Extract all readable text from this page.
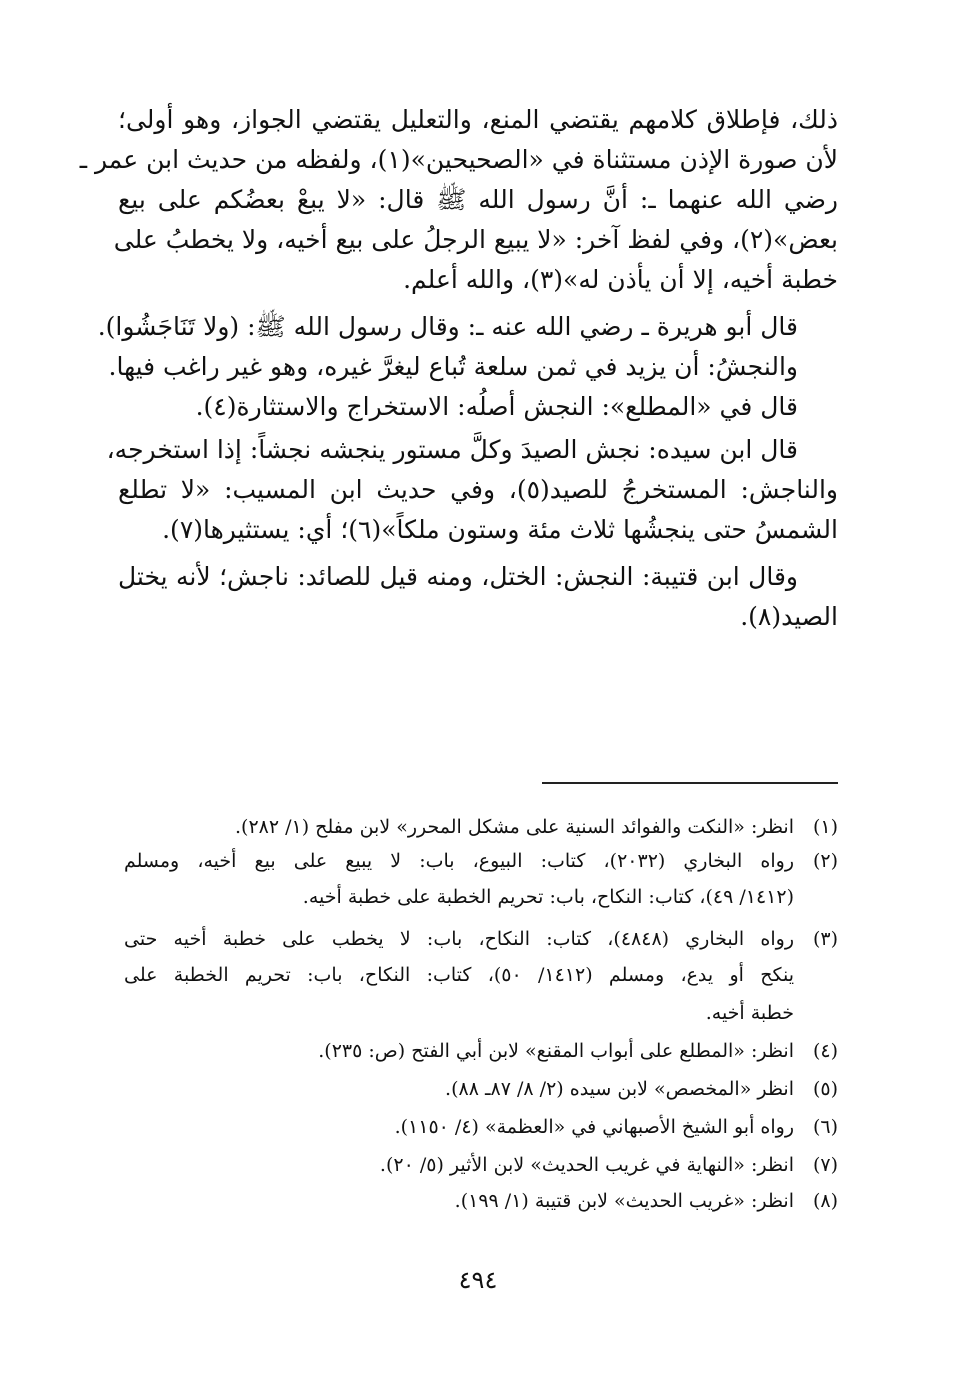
ذلك، فإطلاق كلامهم يقتضي المنع، والتعليل يقتضي الجواز، وهو أولى؛
لأن صورة الإذن مستثناة في «الصحيحين»(١)، ولفظه من حديث ابن عمر ـ
رضي الله عنهما ـ: أنَّ رسول الله ﷺ قال: «لا يبعْ بعضُكم على بيع
بعض»(٢)، وفي لفظ آخر: «لا يبيع الرجلُ على بيع أخيه، ولا يخطبُ على
خطبة أخيه، إلا أن يأذن له»(٣)، والله أعلم.
قال أبو هريرة ـ رضي الله عنه ـ: وقال رسول الله ﷺ: (ولا تَنَاجَشُوا).
والنجشُ: أن يزيد في ثمن سلعة تُباع ليغرَّ غيره، وهو غير راغب فيها.
قال في «المطلع»: النجش أصلُه: الاستخراج والاستثارة(٤).
قال ابن سيده: نجش الصيدَ وكلَّ مستور ينجشه نجشاً: إذا استخرجه،
والناجش: المستخرجُ للصيد(٥)، وفي حديث ابن المسيب: «لا تطلع
الشمسُ حتى ينجشُها ثلاث مئة وستون ملكاً»(٦)؛ أي: يستثيرها(٧).
وقال ابن قتيبة: النجش: الختل، ومنه قيل للصائد: ناجش؛ لأنه يختل
الصيد(٨).
(١)انظر: «النكت والفوائد السنية على مشكل المحرر» لابن مفلح (١/ ٢٨٢).
(٢)رواه البخاري (٢٠٣٢)، كتاب: البيوع، باب: لا يبيع على بيع أخيه، ومسلم
(١٤١٢/ ٤٩)، كتاب: النكاح، باب: تحريم الخطبة على خطبة أخيه.
(٣)رواه البخاري (٤٨٤٨)، كتاب: النكاح، باب: لا يخطب على خطبة أخيه حتى
ينكح أو يدع، ومسلم (١٤١٢/ ٥٠)، كتاب: النكاح، باب: تحريم الخطبة على
خطبة أخيه.
(٤)انظر: «المطلع على أبواب المقنع» لابن أبي الفتح (ص: ٢٣٥).
(٥)انظر «المخصص» لابن سيده (٢/ ٨/ ٨٧ـ ٨٨).
(٦)رواه أبو الشيخ الأصبهاني في «العظمة» (٤/ ١١٥٠).
(٧)انظر: «النهاية في غريب الحديث» لابن الأثير (٥/ ٢٠).
(٨)انظر: «غريب الحديث» لابن قتيبة (١/ ١٩٩).
٤٩٤
